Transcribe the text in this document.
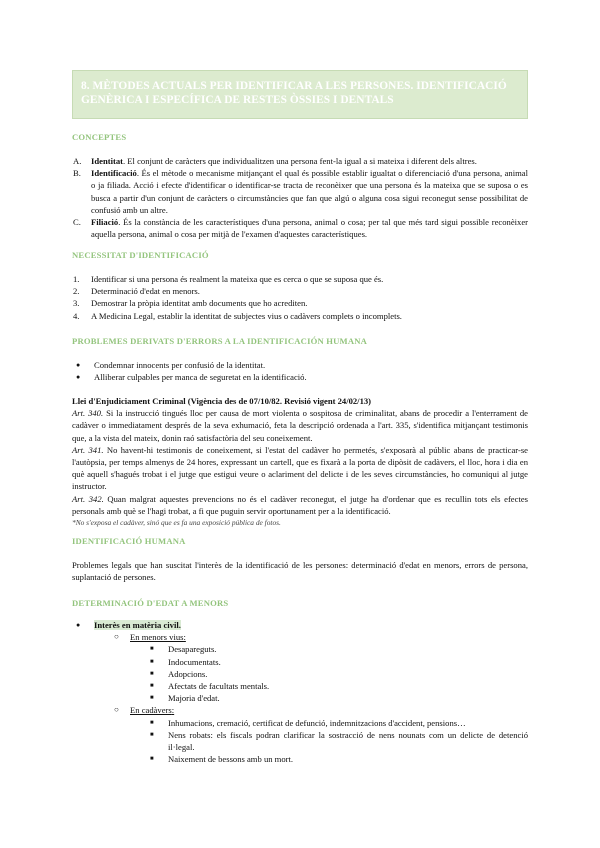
8. MÈTODES ACTUALS PER IDENTIFICAR A LES PERSONES. IDENTIFICACIÓ GENÈRICA I ESPECÍFICA DE RESTES ÒSSIES I DENTALS
CONCEPTES
A.	Identitat. El conjunt de caràcters que individualitzen una persona fent-la igual a si mateixa i diferent dels altres.
B.	Identificació. És el mètode o mecanisme mitjançant el qual és possible establir igualtat o diferenciació d'una persona, animal o ja filiada. Acció i efecte d'identificar o identificar-se tracta de reconèixer que una persona és la mateixa que se suposa o es busca a partir d'un conjunt de caràcters o circumstàncies que fan que algú o alguna cosa sigui reconegut sense possibilitat de confusió amb un altre.
C.	Filiació. És la constància de les característiques d'una persona, animal o cosa; per tal que més tard sigui possible reconèixer aquella persona, animal o cosa per mitjà de l'examen d'aquestes característiques.
NECESSITAT D'IDENTIFICACIÓ
1.	Identificar si una persona és realment la mateixa que es cerca o que se suposa que és.
2.	Determinació d'edat en menors.
3.	Demostrar la pròpia identitat amb documents que ho acrediten.
4.	A Medicina Legal, establir la identitat de subjectes vius o cadàvers complets o incomplets.
PROBLEMES DERIVATS D'ERRORS A LA IDENTIFICACIÓN HUMANA
●	Condemnar innocents per confusió de la identitat.
●	Alliberar culpables per manca de seguretat en la identificació.

Llei d'Enjudiciament Criminal (Vigència des de 07/10/82. Revisió vigent 24/02/13)

Art. 340. Si la instrucció tingués lloc per causa de mort violenta o sospitosa de criminalitat, abans de procedir a l'enterrament de cadàver o immediatament després de la seva exhumació, feta la descripció ordenada a l'art. 335, s'identifica mitjançant testimonis que, a la vista del mateix, donin raó satisfactòria del seu coneixement.

Art. 341. No havent-hi testimonis de coneixement, si l'estat del cadàver ho permetés, s'exposarà al públic abans de practicar-se l'autòpsia, per temps almenys de 24 hores, expressant un cartell, que es fixarà a la porta de dipòsit de cadàvers, el lloc, hora i dia en què aquell s'hagués trobat i el jutge que estigui veure o aclariment del delicte i de les seves circumstàncies, ho comuniqui al jutge instructor.

Art. 342. Quan malgrat aquestes prevencions no és el cadàver reconegut, el jutge ha d'ordenar que es recullin tots els efectes personals amb què se l'hagi trobat, a fi que puguin servir oportunament per a la identificació.

*No s'exposa el cadàver, sinó que es fa una exposició pública de fotos.

IDENTIFICACIÓ HUMANA

Problemes legals que han suscitat l'interès de la identificació de les persones: determinació d'edat en menors, errors de persona, suplantació de persones.

DETERMINACIÓ D'EDAT A MENORS
●	Interès en matèria civil.
○	En menors vius:
■	Desapareguts.
■	Indocumentats.
■	Adopcions.
■	Afectats de facultats mentals.
■	Majoria d'edat.
○	En cadàvers:
■	Inhumacions, cremació, certificat de defunció, indemnitzacions d'accident, pensions…
■	Nens robats: els fiscals podran clarificar la sostracció de nens nounats com un delicte de detenció il·legal.
■	Naixement de bessons amb un mort.
